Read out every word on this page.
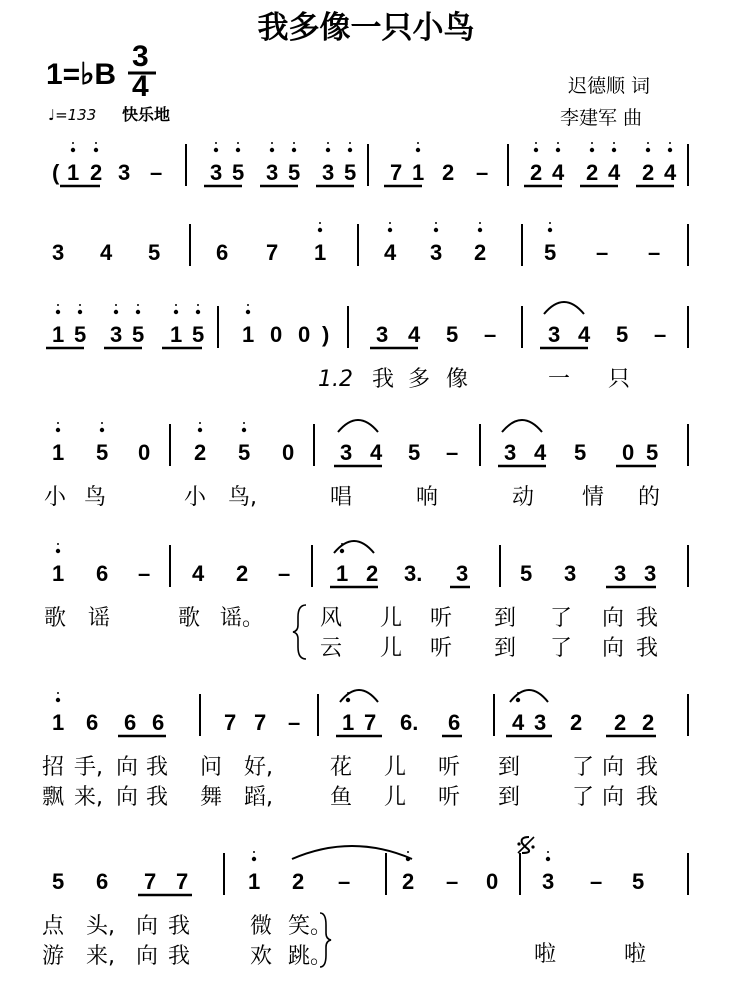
我多像一只小鸟
1=♭B
3
4
♩=133 快乐地
迟德顺 词
李建军 曲
( 1 2 3 – 3 5 3 5 3 5 7 1 2 – 2 4 2 4 2 4
3 4 5	6 7 1	4 3 2	5 – –
1 5 3 5 1 5 1 0 0 ) 3 4 5 – 3 4 5 –
1.2 我 多 像	一 只
1 5 0 2 5 0 3 4 5 – 3 4 5 0 5
小 鸟	小 鸟,	唱	响	动 情 的
1 6 – 4 2 – 1 2 3. 3 5 3 3 3
歌 谣	歌 谣。	风 儿 听 到 了 向 我
云 儿 听 到 了 向 我
1 6 6 6	7 7 – 1 7 6. 6 4 3 2 2 2
招 手, 向 我 问 好,	花 儿 听 到 了 向 我
飘 来, 向 我 舞 蹈,	鱼 儿 听 到 了 向 我
5 6 7 7	1 2 – 2 – 0 3 – 5
点 头, 向 我	微 笑。
啦	啦
游 来, 向 我	欢 跳。
